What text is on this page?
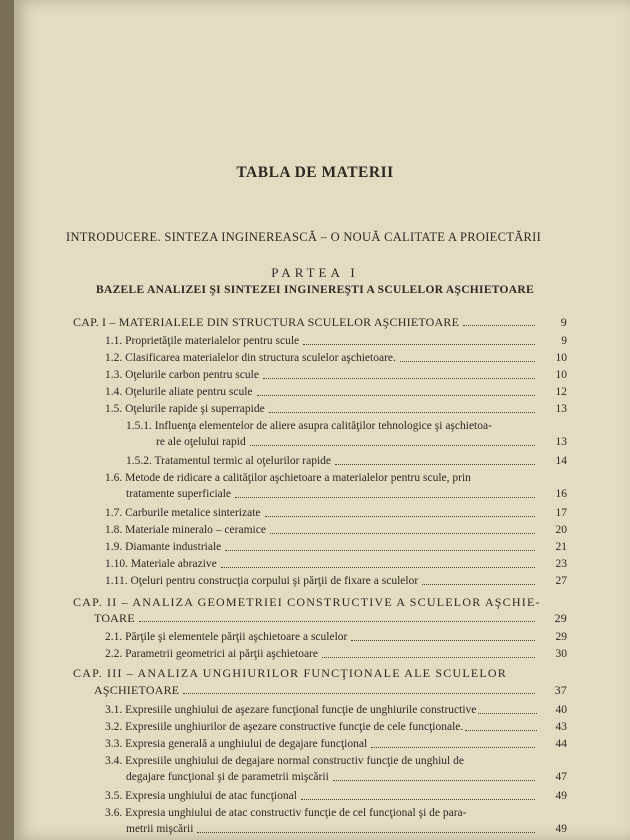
TABLA DE MATERII
INTRODUCERE. SINTEZA INGINEREASCĂ – O NOUĂ CALITATE A PROIECTĂRII
PARTEA I
BAZELE ANALIZEI ŞI SINTEZEI INGINEREŞTI A SCULELOR AŞCHIETOARE
CAP. I – MATERIALELE DIN STRUCTURA SCULELOR AŞCHIETOARE	9
1.1. Proprietăţile materialelor pentru scule	9
1.2. Clasificarea materialelor din structura sculelor aşchietoare.	10
1.3. Oţelurile carbon pentru scule	10
1.4. Oţelurile aliate pentru scule	12
1.5. Oţelurile rapide şi superrapide	13
1.5.1. Influenţa elementelor de aliere asupra calităţilor tehnologice şi aşchietoa-
re ale oţelului rapid	13
1.5.2. Tratamentul termic al oţelurilor rapide	14
1.6. Metode de ridicare a calităţilor aşchietoare a materialelor pentru scule, prin
tratamente superficiale	16
1.7. Carburile metalice sinterizate	17
1.8. Materiale mineralo – ceramice	20
1.9. Diamante industriale	21
1.10. Materiale abrazive	23
1.11. Oţeluri pentru construcţia corpului şi părţii de fixare a sculelor	27
CAP. II – ANALIZA GEOMETRIEI CONSTRUCTIVE A SCULELOR AŞCHIE-
TOARE	29
2.1. Părţile şi elementele părţii aşchietoare a sculelor	29
2.2. Parametrii geometrici ai părţii aşchietoare	30
CAP. III – ANALIZA UNGHIURILOR FUNCŢIONALE ALE SCULELOR
AŞCHIETOARE	37
3.1. Expresiile unghiului de aşezare funcţional funcţie de unghiurile constructive	40
3.2. Expresiile unghiurilor de aşezare constructive funcţie de cele funcţionale.	43
3.3. Expresia generală a unghiului de degajare funcţional	44
3.4. Expresiile unghiului de degajare normal constructiv funcţie de unghiul de
degajare funcţional şi de parametrii mişcării	47
3.5. Expresia unghiului de atac funcţional	49
3.6. Expresia unghiului de atac constructiv funcţie de cel funcţional şi de para-
metrii mişcării	49
